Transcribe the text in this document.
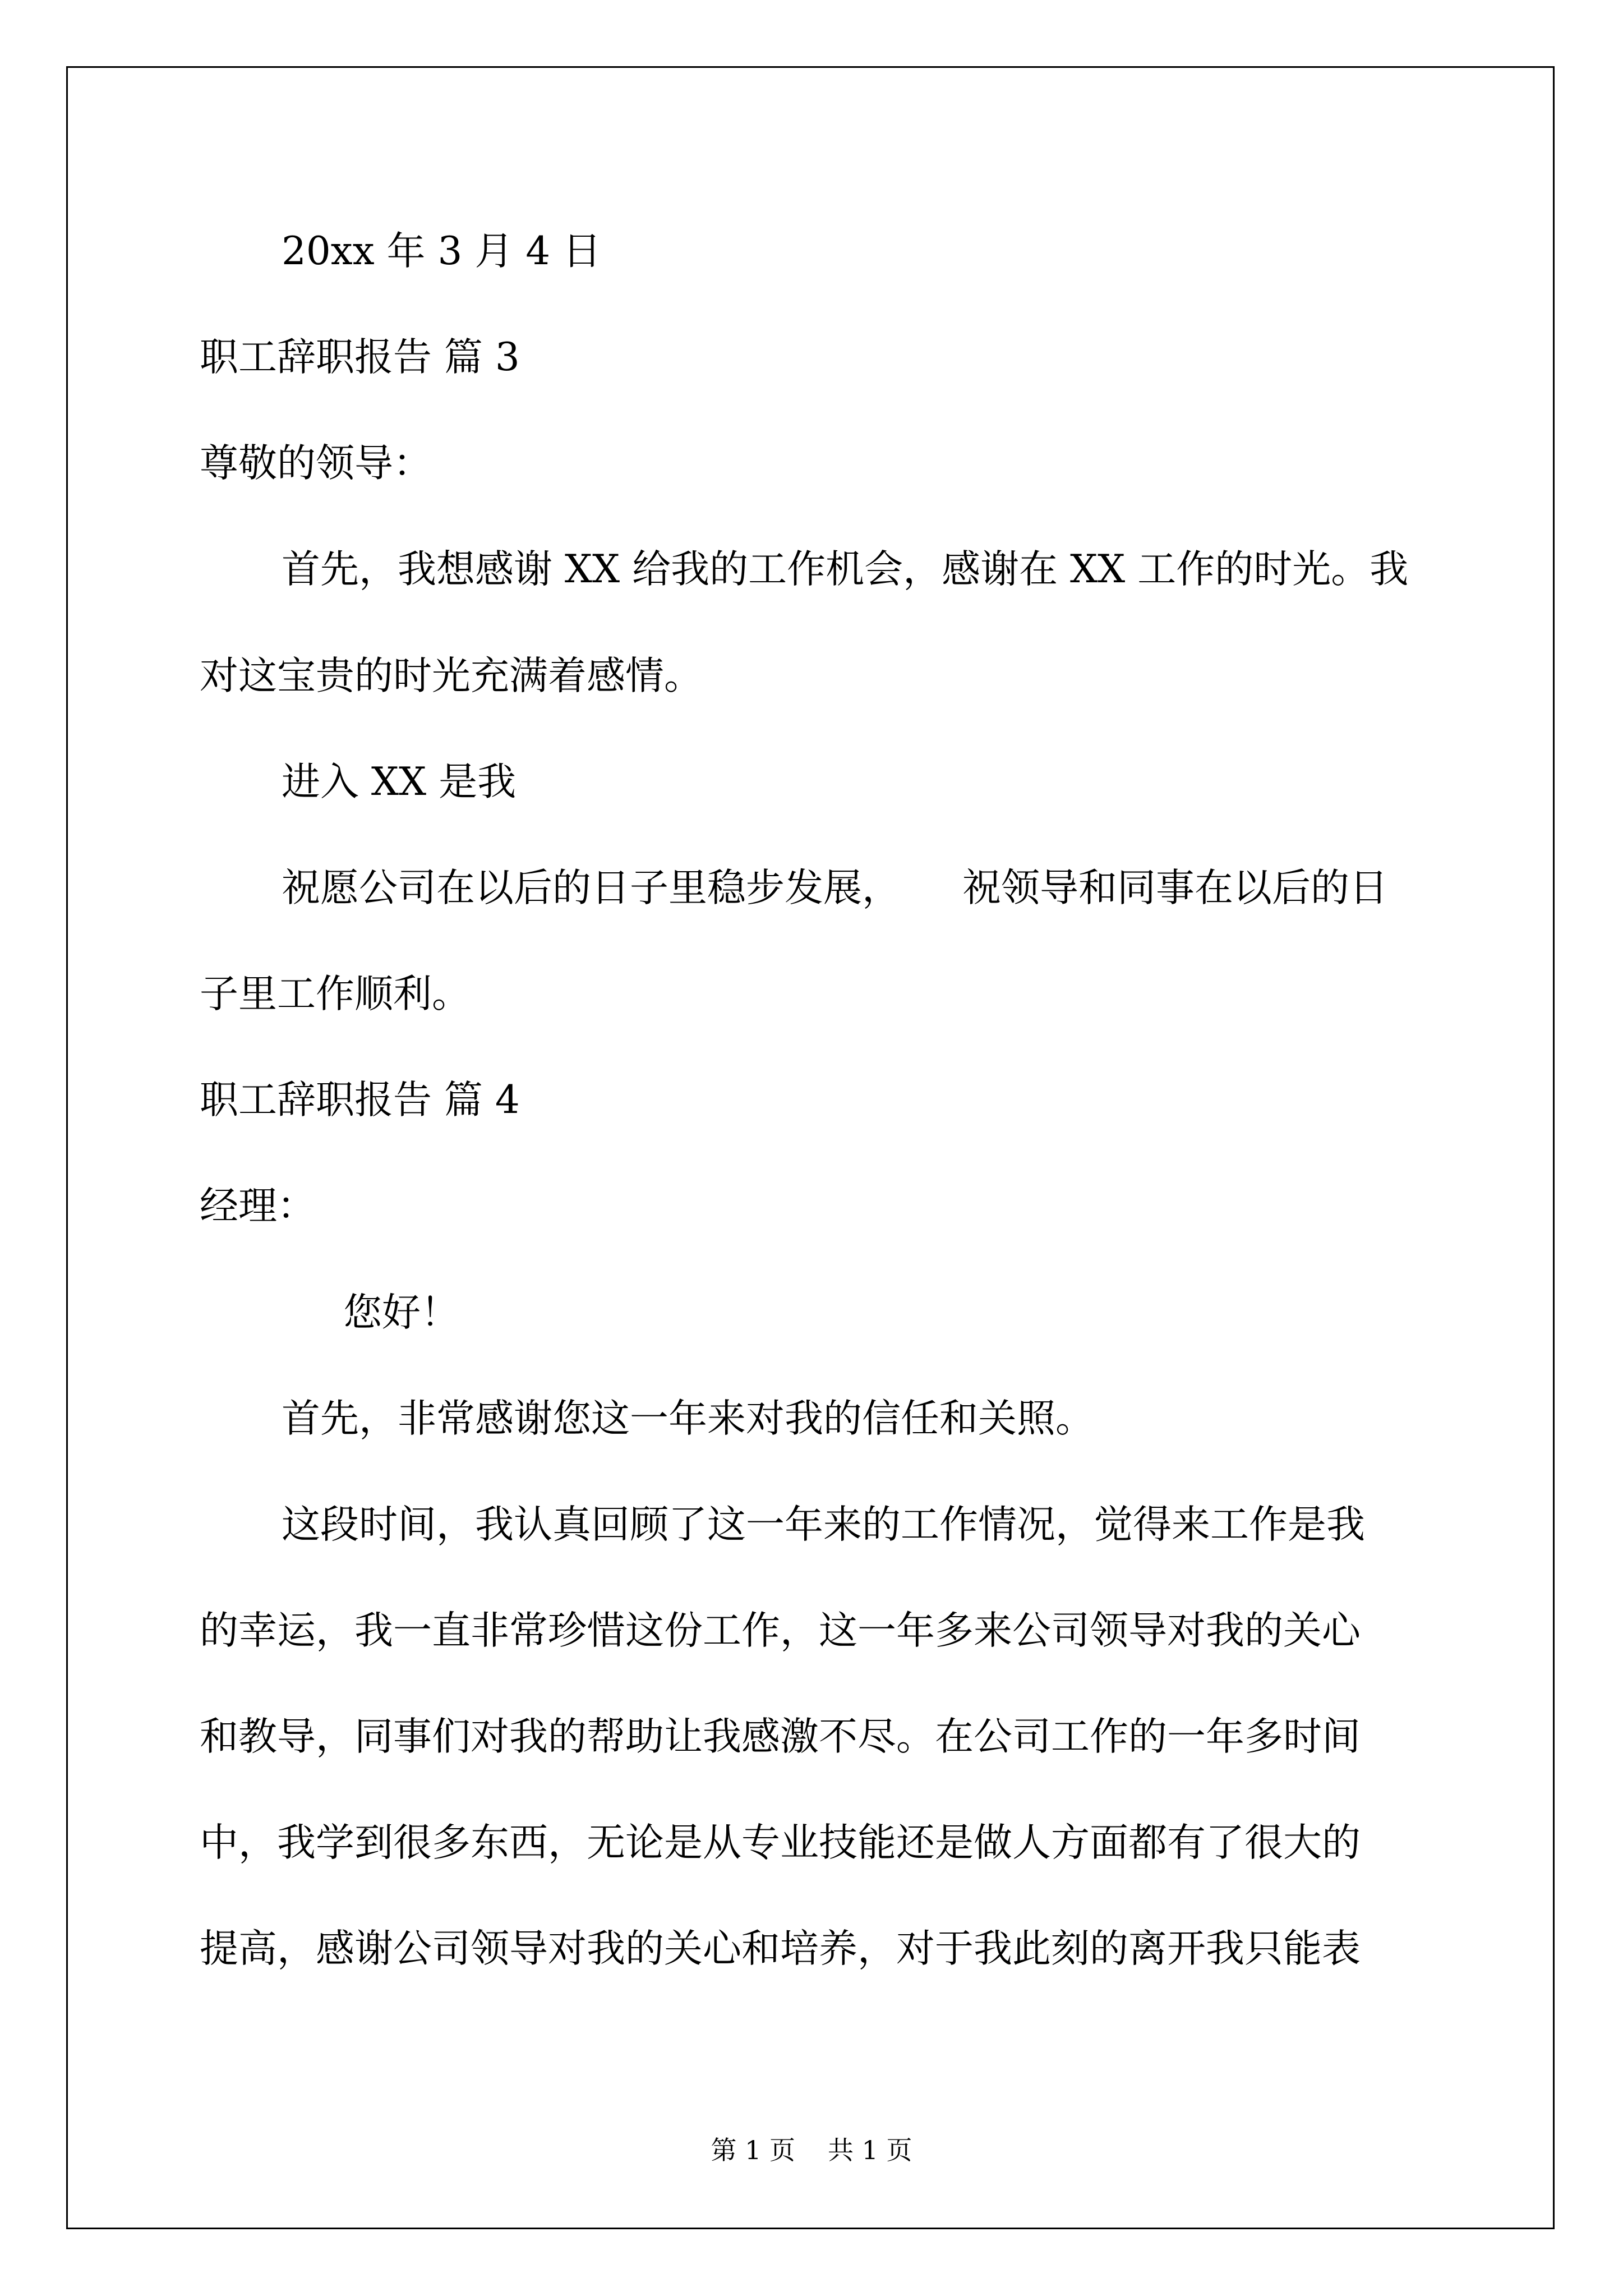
20xx 年 3 月 4 日
职工辞职报告 篇 3
尊敬的领导：
首先，我想感谢 XX 给我的工作机会，感谢在 XX 工作的时光。我
对这宝贵的时光充满着感情。
进入 XX 是我
祝愿公司在以后的日子里稳步发展， 祝领导和同事在以后的日
子里工作顺利。
职工辞职报告 篇 4
经理：
您好！
首先，非常感谢您这一年来对我的信任和关照。
这段时间，我认真回顾了这一年来的工作情况，觉得来工作是我
的幸运，我一直非常珍惜这份工作，这一年多来公司领导对我的关心
和教导，同事们对我的帮助让我感激不尽。在公司工作的一年多时间
中，我学到很多东西，无论是从专业技能还是做人方面都有了很大的
提高，感谢公司领导对我的关心和培养，对于我此刻的离开我只能表
第 1 页 共 1 页
